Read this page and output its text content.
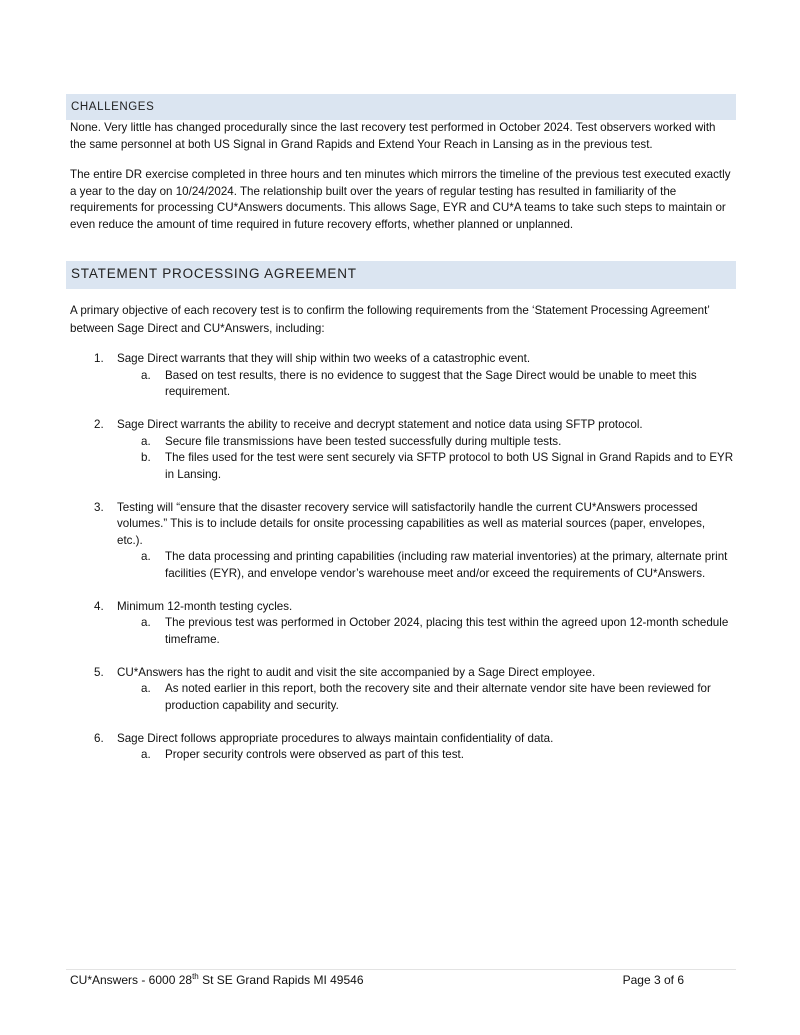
CHALLENGES

None. Very little has changed procedurally since the last recovery test performed in October 2024. Test observers worked with the same personnel at both US Signal in Grand Rapids and Extend Your Reach in Lansing as in the previous test.

The entire DR exercise completed in three hours and ten minutes which mirrors the timeline of the previous test executed exactly a year to the day on 10/24/2024. The relationship built over the years of regular testing has resulted in familiarity of the requirements for processing CU*Answers documents. This allows Sage, EYR and CU*A teams to take such steps to maintain or even reduce the amount of time required in future recovery efforts, whether planned or unplanned.

STATEMENT PROCESSING AGREEMENT

A primary objective of each recovery test is to confirm the following requirements from the ‘Statement Processing Agreement’ between Sage Direct and CU*Answers, including:

1. Sage Direct warrants that they will ship within two weeks of a catastrophic event.
a. Based on test results, there is no evidence to suggest that the Sage Direct would be unable to meet this requirement.
2. Sage Direct warrants the ability to receive and decrypt statement and notice data using SFTP protocol.
a. Secure file transmissions have been tested successfully during multiple tests.
b. The files used for the test were sent securely via SFTP protocol to both US Signal in Grand Rapids and to EYR in Lansing.
3. Testing will “ensure that the disaster recovery service will satisfactorily handle the current CU*Answers processed volumes.” This is to include details for onsite processing capabilities as well as material sources (paper, envelopes, etc.).
a. The data processing and printing capabilities (including raw material inventories) at the primary, alternate print facilities (EYR), and envelope vendor’s warehouse meet and/or exceed the requirements of CU*Answers.
4. Minimum 12-month testing cycles.
a. The previous test was performed in October 2024, placing this test within the agreed upon 12-month schedule timeframe.
5. CU*Answers has the right to audit and visit the site accompanied by a Sage Direct employee.
a. As noted earlier in this report, both the recovery site and their alternate vendor site have been reviewed for production capability and security.
6. Sage Direct follows appropriate procedures to always maintain confidentiality of data.
a. Proper security controls were observed as part of this test.
CU*Answers - 6000 28th St SE Grand Rapids MI 49546	Page 3 of 6
